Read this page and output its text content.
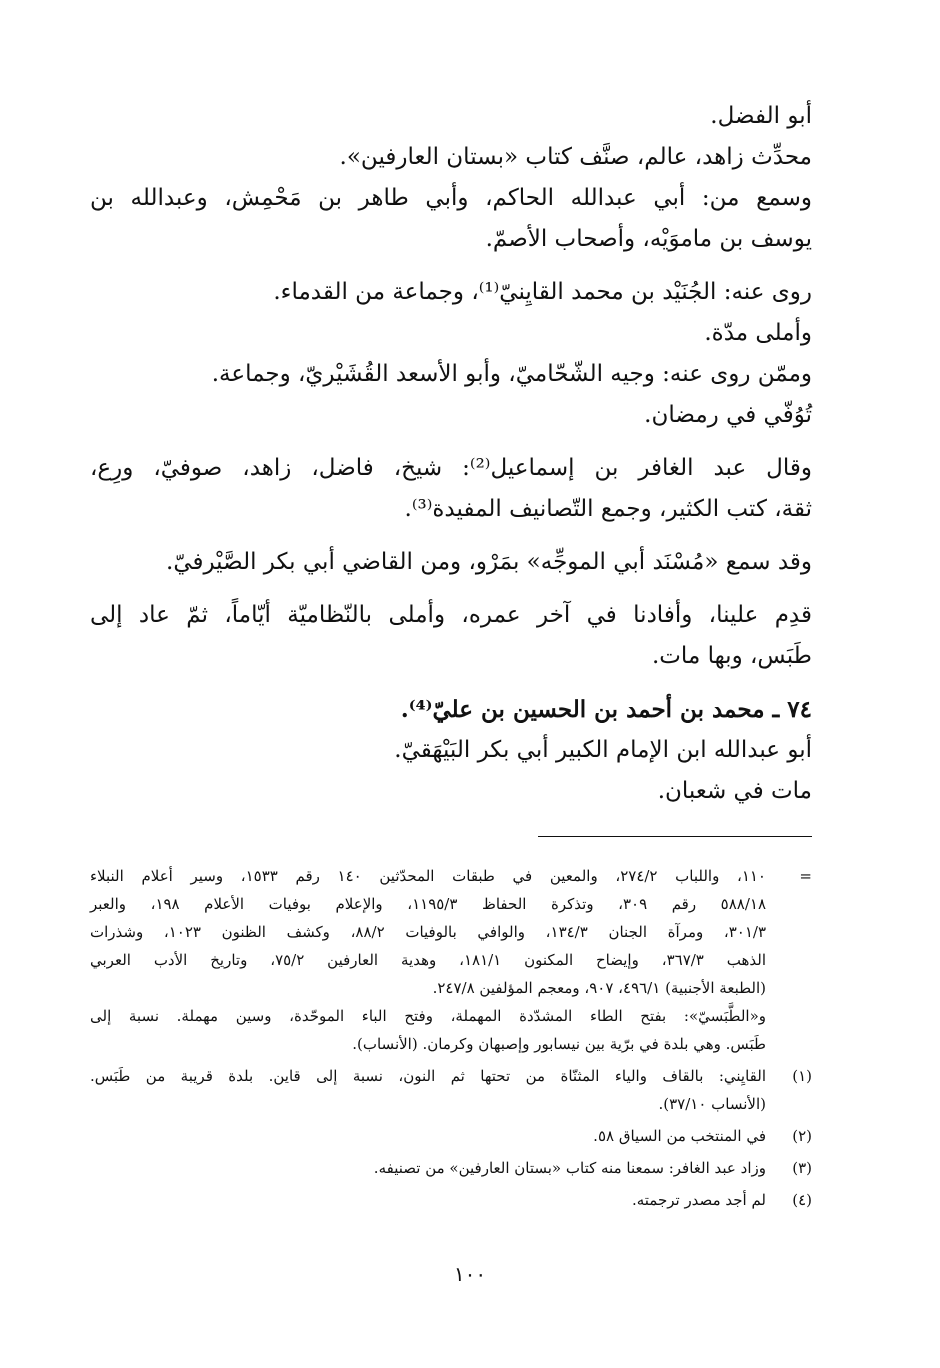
أبو الفضل.
محدِّث زاهد، عالم، صنَّف كتاب «بستان العارفين».
وسمع من: أبي عبدالله الحاكم، وأبي طاهر بن مَحْمِش، وعبدالله بن
يوسف بن ماموَيْه، وأصحاب الأصمّ.
روى عنه: الجُنَيْد بن محمد القايِنيّ⁽¹⁾، وجماعة من القدماء.
وأملى مدّة.
وممّن روى عنه: وجيه الشّحّاميّ، وأبو الأسعد القُشَيْريّ، وجماعة.
تُوُفّي في رمضان.
وقال عبد الغافر بن إسماعيل⁽²⁾: شيخ، فاضل، زاهد، صوفيّ، ورِع،
ثقة، كتب الكثير، وجمع التّصانيف المفيدة⁽³⁾.
وقد سمع «مُسْنَد أبي الموجِّه» بمَرْو، ومن القاضي أبي بكر الصَّيْرفيّ.
قدِم علينا، وأفادنا في آخر عمره، وأملى بالنّظاميّة أيّاماً، ثمّ عاد إلى
طَبَس، وبها مات.
٧٤ ـ محمد بن أحمد بن الحسين بن عليّ⁽⁴⁾.
أبو عبدالله ابن الإمام الكبير أبي بكر البَيْهَقيّ.
مات في شعبان.
=
١١٠، واللباب ٢٧٤/٢، والمعين في طبقات المحدّثين ١٤٠ رقم ١٥٣٣، وسير أعلام النبلاء
٥٨٨/١٨ رقم ٣٠٩، وتذكرة الحفاظ ١١٩٥/٣، والإعلام بوفيات الأعلام ١٩٨، والعبر
٣٠١/٣، ومرآة الجنان ١٣٤/٣، والوافي بالوفيات ٨٨/٢، وكشف الظنون ١٠٢٣، وشذرات
الذهب ٣٦٧/٣، وإيضاح المكنون ١٨١/١، وهدية العارفين ٧٥/٢، وتاريخ الأدب العربي
(الطبعة الأجنبية) ٤٩٦/١، ٩٠٧، ومعجم المؤلفين ٢٤٧/٨.
و«الطَّبَسيّ»: بفتح الطاء المشدّدة المهملة، وفتح الباء الموحّدة، وسين مهملة. نسبة إلى
طَبَس. وهي بلدة في برّية بين نيسابور وإصبهان وكرمان. (الأنساب).
(١)
القايِني: بالقاف والياء المثنّاة من تحتها ثم النون، نسبة إلى قاين. بلدة قريبة من طَبَس.
(الأنساب ٣٧/١٠).
(٢)
في المنتخب من السياق ٥٨.
(٣)
وزاد عبد الغافر: سمعنا منه كتاب «بستان العارفين» من تصنيفه.
(٤)
لم أجد مصدر ترجمته.
١٠٠
